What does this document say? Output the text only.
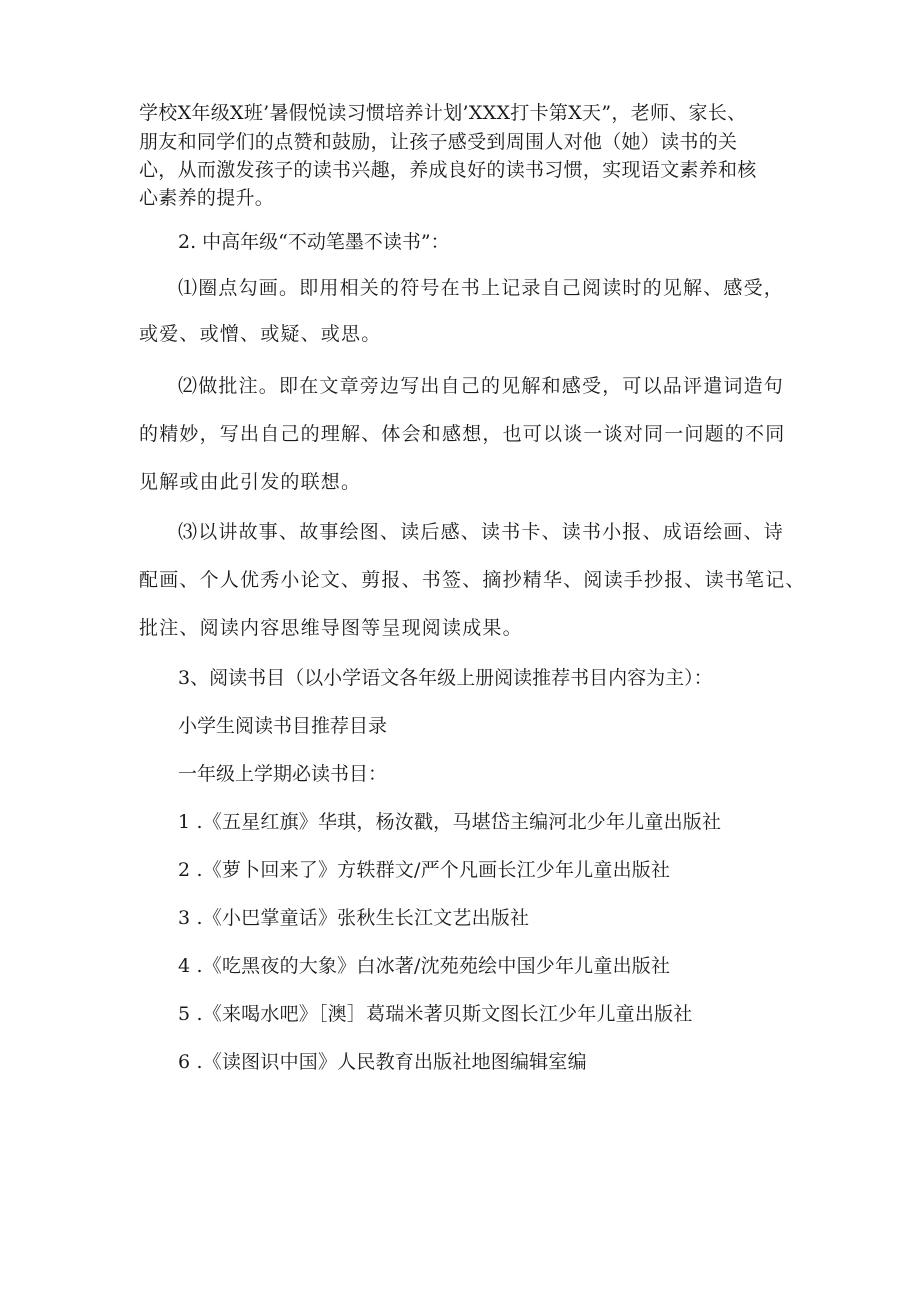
学校X年级X班’暑假悦读习惯培养计划’XXX打卡第X天”，老师、家长、
朋友和同学们的点赞和鼓励，让孩子感受到周围人对他（她）读书的关
心，从而激发孩子的读书兴趣，养成良好的读书习惯，实现语文素养和核
心素养的提升。
2. 中高年级“不动笔墨不读书”：
⑴圈点勾画。即用相关的符号在书上记录自己阅读时的见解、感受，
或爱、或憎、或疑、或思。
⑵做批注。即在文章旁边写出自己的见解和感受，可以品评遣词造句
的精妙，写出自己的理解、体会和感想，也可以谈一谈对同一问题的不同
见解或由此引发的联想。
⑶以讲故事、故事绘图、读后感、读书卡、读书小报、成语绘画、诗
配画、个人优秀小论文、剪报、书签、摘抄精华、阅读手抄报、读书笔记、
批注、阅读内容思维导图等呈现阅读成果。
3、阅读书目（以小学语文各年级上册阅读推荐书目内容为主）：
小学生阅读书目推荐目录
一年级上学期必读书目：
1 .《五星红旗》华琪，杨汝戳，马堪岱主编河北少年儿童出版社
2 .《萝卜回来了》方轶群文/严个凡画长江少年儿童出版社
3 .《小巴掌童话》张秋生长江文艺出版社
4 .《吃黑夜的大象》白冰著/沈苑苑绘中国少年儿童出版社
5 .《来喝水吧》［澳］葛瑞米著贝斯文图长江少年儿童出版社
6 .《读图识中国》人民教育出版社地图编辑室编
